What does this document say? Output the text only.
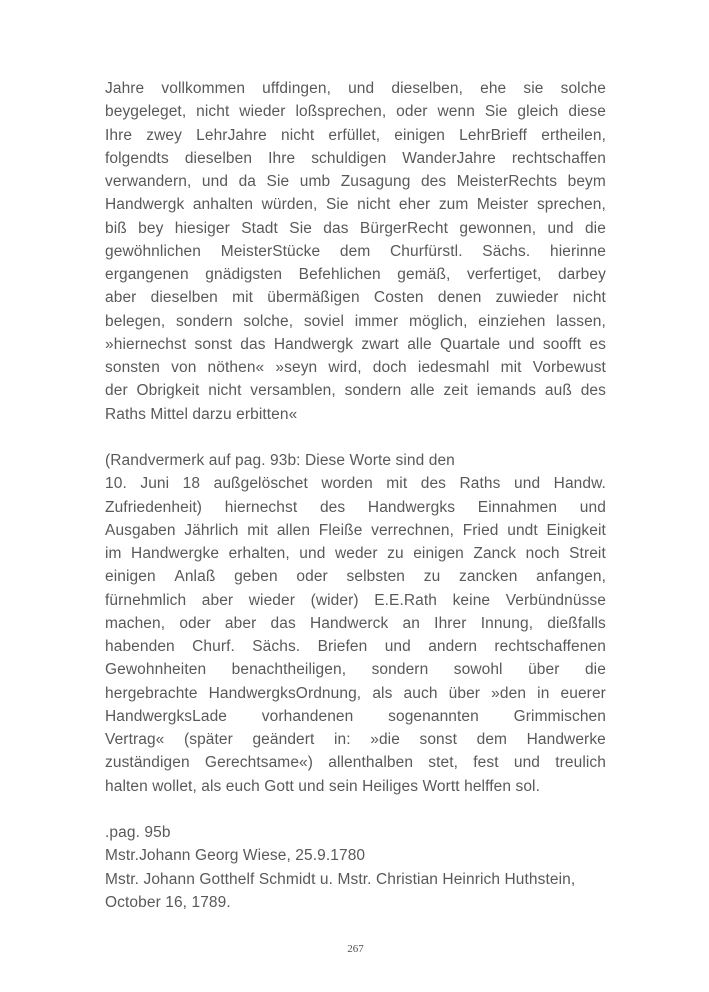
Jahre vollkommen uffdingen, und dieselben, ehe sie solche
beygeleget, nicht wieder loßsprechen, oder wenn Sie gleich diese
Ihre zwey LehrJahre nicht erfüllet, einigen LehrBrieff ertheilen,
folgendts dieselben Ihre schuldigen WanderJahre rechtschaffen
verwandern, und da Sie umb Zusagung des MeisterRechts beym
Handwergk anhalten würden, Sie nicht eher zum Meister sprechen,
biß bey hiesiger Stadt Sie das BürgerRecht gewonnen, und die
gewöhnlichen MeisterStücke dem Churfürstl. Sächs. hierinne
ergangenen gnädigsten Befehlichen gemäß, verfertiget, darbey
aber dieselben mit übermäßigen Costen denen zuwieder nicht
belegen, sondern solche, soviel immer möglich, einziehen lassen,
»hiernechst sonst das Handwergk zwart alle Quartale und soofft es
sonsten von nöthen« »seyn wird, doch iedesmahl mit Vorbewust
der Obrigkeit nicht versamblen, sondern alle zeit iemands auß des
Raths Mittel darzu erbitten«
(Randvermerk auf pag. 93b: Diese Worte sind den
10. Juni 18 außgelöschet worden mit des Raths und Handw.
Zufriedenheit) hiernechst des Handwergks Einnahmen und
Ausgaben Jährlich mit allen Fleiße verrechnen, Fried undt Einigkeit
im Handwergke erhalten, und weder zu einigen Zanck noch Streit
einigen Anlaß geben oder selbsten zu zancken anfangen,
fürnehmlich aber wieder (wider) E.E.Rath keine Verbündnüsse
machen, oder aber das Handwerck an Ihrer Innung, dießfalls
habenden Churf. Sächs. Briefen und andern rechtschaffenen
Gewohnheiten benachtheiligen, sondern sowohl über die
hergebrachte HandwergksOrdnung, als auch über »den in euerer
HandwergksLade vorhandenen sogenannten Grimmischen
Vertrag« (später geändert in: »die sonst dem Handwerke
zuständigen Gerechtsame«) allenthalben stet, fest und treulich
halten wollet, als euch Gott und sein Heiliges Wortt helffen sol.
.pag. 95b
Mstr.Johann Georg Wiese, 25.9.1780
Mstr. Johann Gotthelf Schmidt u. Mstr. Christian Heinrich Huthstein,
October 16, 1789.
267
